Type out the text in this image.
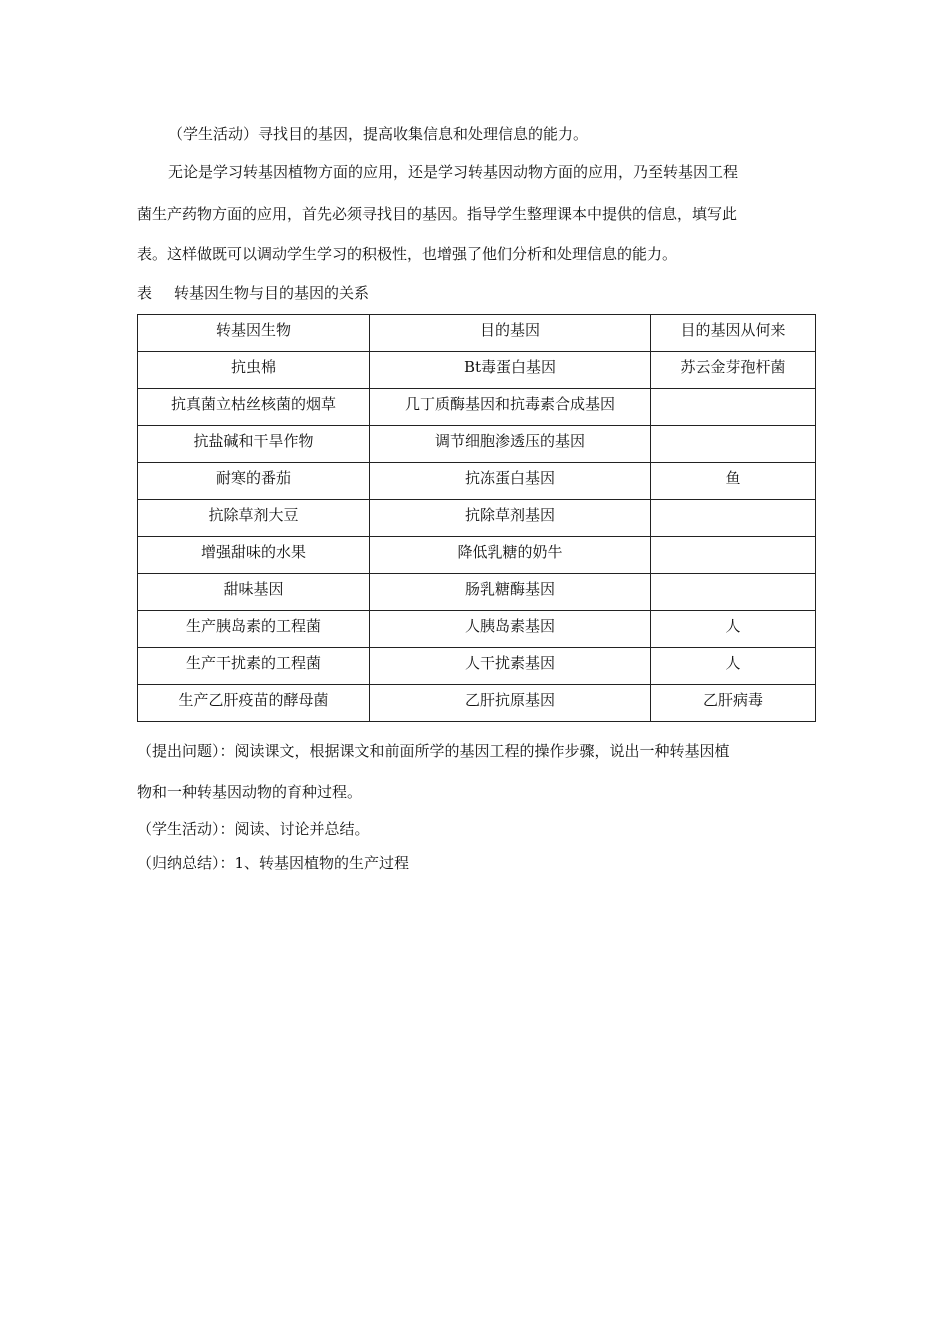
（学生活动）寻找目的基因，提高收集信息和处理信息的能力。
无论是学习转基因植物方面的应用，还是学习转基因动物方面的应用，乃至转基因工程
菌生产药物方面的应用，首先必须寻找目的基因。指导学生整理课本中提供的信息，填写此
表。这样做既可以调动学生学习的积极性，也增强了他们分析和处理信息的能力。
表 转基因生物与目的基因的关系
转基因生物	目的基因	目的基因从何来
抗虫棉	Bt毒蛋白基因	苏云金芽孢杆菌
抗真菌立枯丝核菌的烟草	几丁质酶基因和抗毒素合成基因	
抗盐碱和干旱作物	调节细胞渗透压的基因	
耐寒的番茄	抗冻蛋白基因	鱼
抗除草剂大豆	抗除草剂基因	
增强甜味的水果	降低乳糖的奶牛	
甜味基因	肠乳糖酶基因	
生产胰岛素的工程菌	人胰岛素基因	人
生产干扰素的工程菌	人干扰素基因	人
生产乙肝疫苗的酵母菌	乙肝抗原基因	乙肝病毒
（提出问题）：阅读课文，根据课文和前面所学的基因工程的操作步骤，说出一种转基因植
物和一种转基因动物的育种过程。
（学生活动）：阅读、讨论并总结。
（归纳总结）：1、转基因植物的生产过程
